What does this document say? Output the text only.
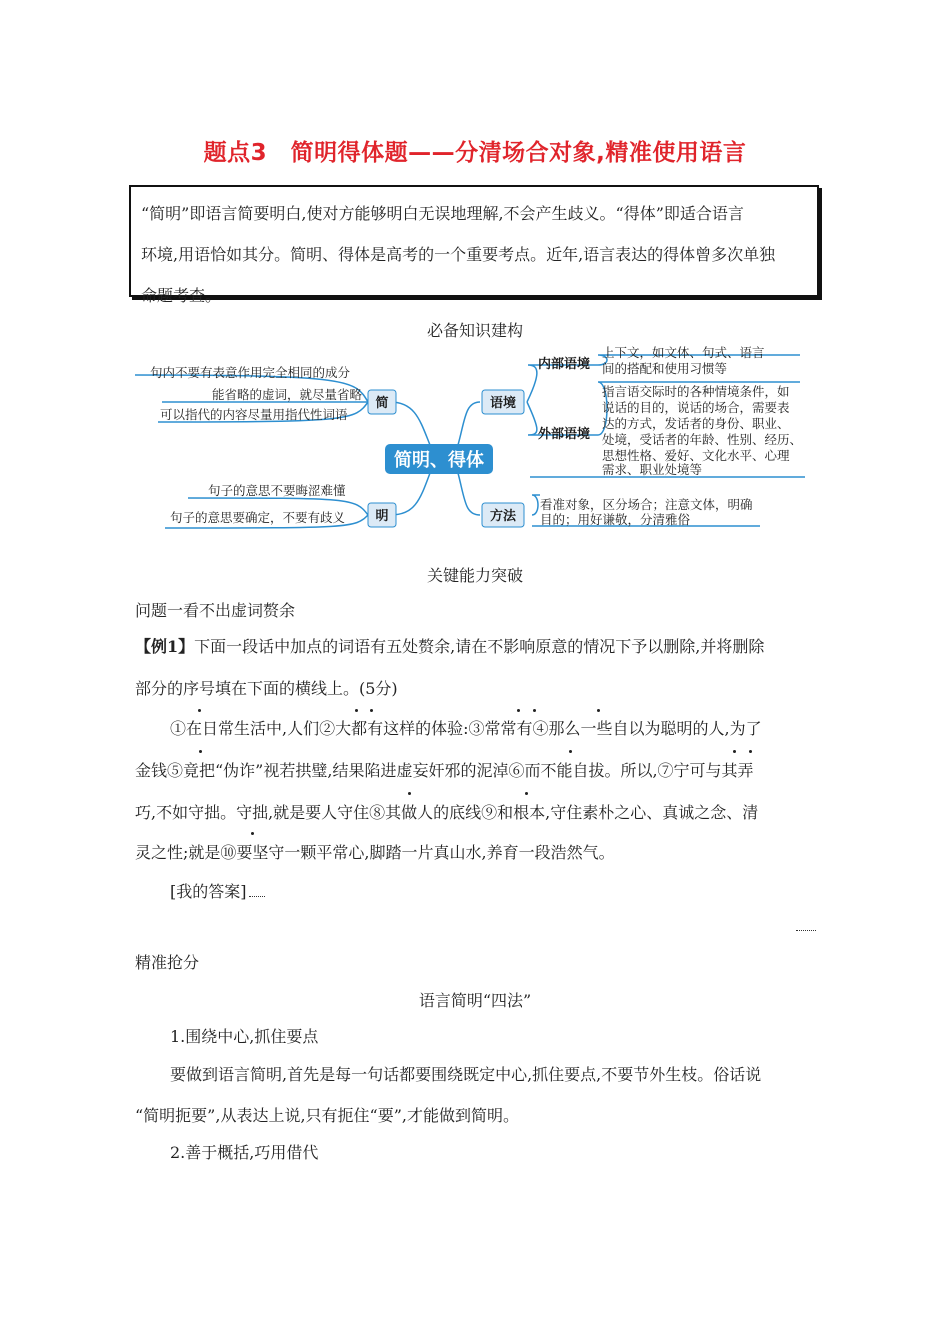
题点3　简明得体题——分清场合对象,精准使用语言
“简明”即语言简要明白,使对方能够明白无误地理解,不会产生歧义。“得体”即适合语言
环境,用语恰如其分。简明、得体是高考的一个重要考点。近年,语言表达的得体曾多次单独
命题考查。
必备知识建构
简
明
简明、得体
语境
方法
内部语境
外部语境
句内不要有表意作用完全相同的成分
能省略的虚词，就尽量省略
可以指代的内容尽量用指代性词语
句子的意思不要晦涩难懂
句子的意思要确定，不要有歧义
上下文，如文体、句式、语言
间的搭配和使用习惯等
指言语交际时的各种情境条件，如
说话的目的，说话的场合，需要表
达的方式，发话者的身份、职业、
处境，受话者的年龄、性别、经历、
思想性格、爱好、文化水平、心理
需求、职业处境等
看准对象，区分场合；注意文体，明确
目的；用好谦敬，分清雅俗
关键能力突破
问题一看不出虚词赘余
【例1】下面一段话中加点的词语有五处赘余,请在不影响原意的情况下予以删除,并将删除
部分的序号填在下面的横线上。(5分)
①在日常生活中,人们②大都有这样的体验:③常常有④那么一些自以为聪明的人,为了
金钱⑤竟把“伪诈”视若拱璧,结果陷进虚妄奸邪的泥淖⑥而不能自拔。所以,⑦宁可与其弄
巧,不如守拙。守拙,就是要人守住⑧其做人的底线⑨和根本,守住素朴之心、真诚之念、清
灵之性;就是⑩要坚守一颗平常心,脚踏一片真山水,养育一段浩然气。
[我的答案]
精准抢分
语言简明“四法”
1.围绕中心,抓住要点
要做到语言简明,首先是每一句话都要围绕既定中心,抓住要点,不要节外生枝。俗话说
“简明扼要”,从表达上说,只有扼住“要”,才能做到简明。
2.善于概括,巧用借代
